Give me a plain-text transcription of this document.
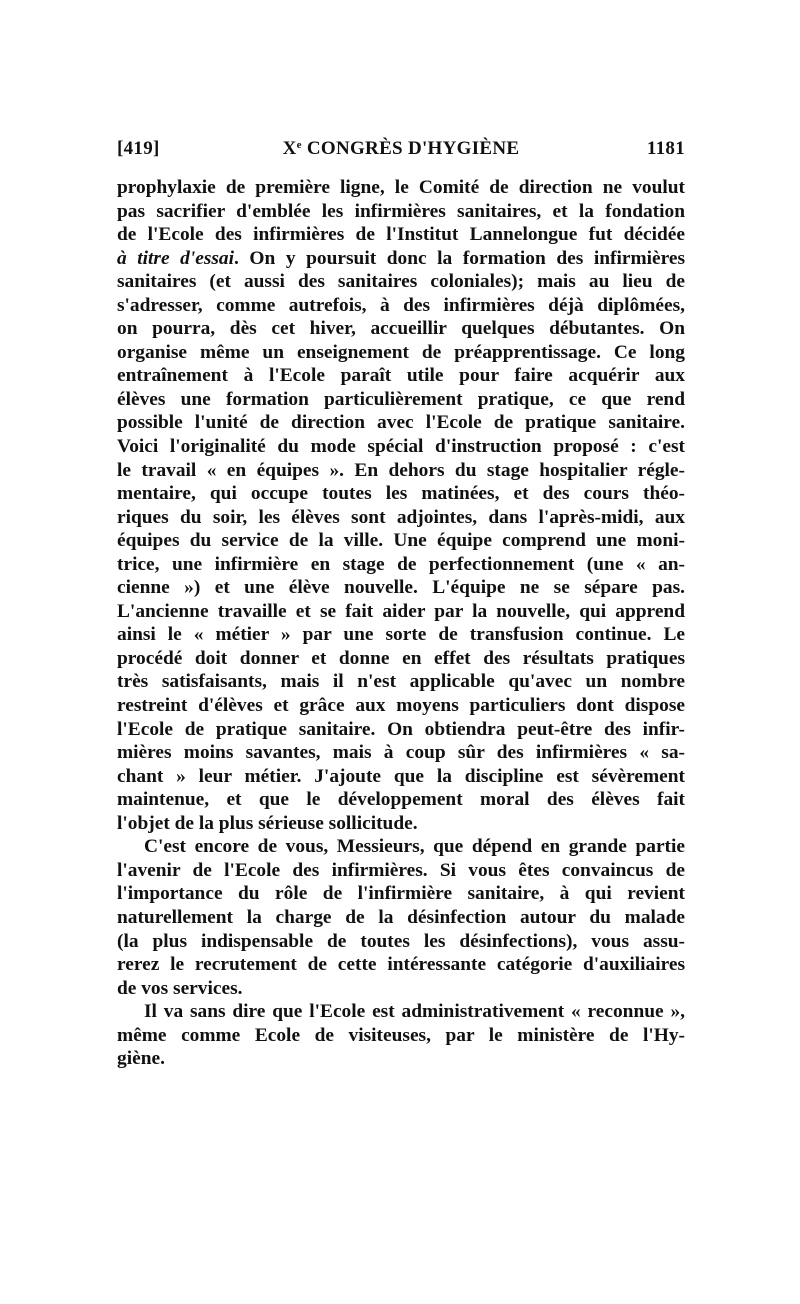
[419]	Xe CONGRÈS D'HYGIÈNE	1181
prophylaxie de première ligne, le Comité de direction ne voulut
pas sacrifier d'emblée les infirmières sanitaires, et la fondation
de l'Ecole des infirmières de l'Institut Lannelongue fut décidée
à titre d'essai. On y poursuit donc la formation des infirmières
sanitaires (et aussi des sanitaires coloniales); mais au lieu de
s'adresser, comme autrefois, à des infirmières déjà diplômées,
on pourra, dès cet hiver, accueillir quelques débutantes. On
organise même un enseignement de préapprentissage. Ce long
entraînement à l'Ecole paraît utile pour faire acquérir aux
élèves une formation particulièrement pratique, ce que rend
possible l'unité de direction avec l'Ecole de pratique sanitaire.
Voici l'originalité du mode spécial d'instruction proposé : c'est
le travail « en équipes ». En dehors du stage hospitalier régle-
mentaire, qui occupe toutes les matinées, et des cours théo-
riques du soir, les élèves sont adjointes, dans l'après-midi, aux
équipes du service de la ville. Une équipe comprend une moni-
trice, une infirmière en stage de perfectionnement (une « an-
cienne ») et une élève nouvelle. L'équipe ne se sépare pas.
L'ancienne travaille et se fait aider par la nouvelle, qui apprend
ainsi le « métier » par une sorte de transfusion continue. Le
procédé doit donner et donne en effet des résultats pratiques
très satisfaisants, mais il n'est applicable qu'avec un nombre
restreint d'élèves et grâce aux moyens particuliers dont dispose
l'Ecole de pratique sanitaire. On obtiendra peut-être des infir-
mières moins savantes, mais à coup sûr des infirmières « sa-
chant » leur métier. J'ajoute que la discipline est sévèrement
maintenue, et que le développement moral des élèves fait
l'objet de la plus sérieuse sollicitude.
C'est encore de vous, Messieurs, que dépend en grande partie
l'avenir de l'Ecole des infirmières. Si vous êtes convaincus de
l'importance du rôle de l'infirmière sanitaire, à qui revient
naturellement la charge de la désinfection autour du malade
(la plus indispensable de toutes les désinfections), vous assu-
rerez le recrutement de cette intéressante catégorie d'auxiliaires
de vos services.
Il va sans dire que l'Ecole est administrativement « reconnue »,
même comme Ecole de visiteuses, par le ministère de l'Hy-
giène.
